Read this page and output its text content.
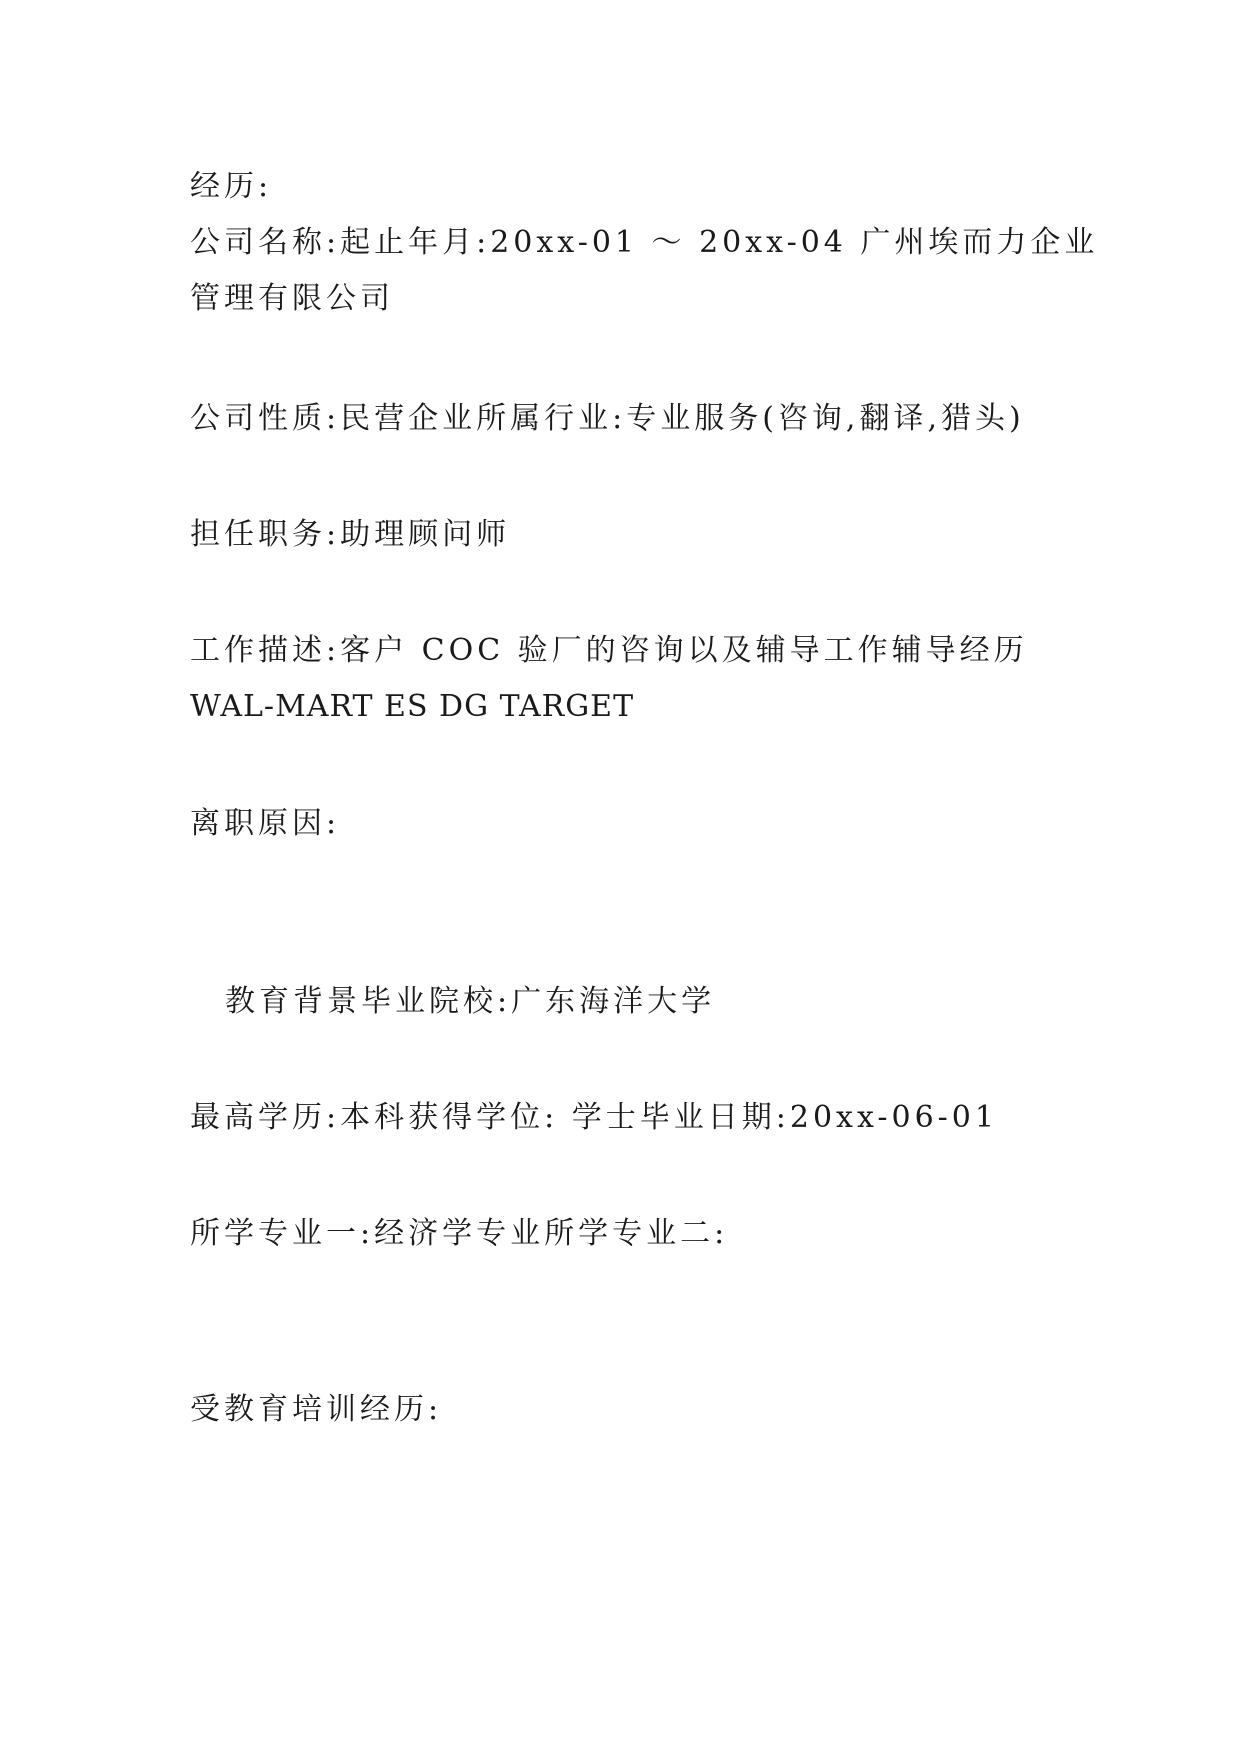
经历:
公司名称:起止年月:20xx-01 ～ 20xx-04 广州埃而力企业
管理有限公司
公司性质:民营企业所属行业:专业服务(咨询,翻译,猎头)
担任职务:助理顾问师
工作描述:客户 COC 验厂的咨询以及辅导工作辅导经历
WAL-MART ES DG TARGET
离职原因:
教育背景毕业院校:广东海洋大学
最高学历:本科获得学位: 学士毕业日期:20xx-06-01
所学专业一:经济学专业所学专业二:
受教育培训经历:
